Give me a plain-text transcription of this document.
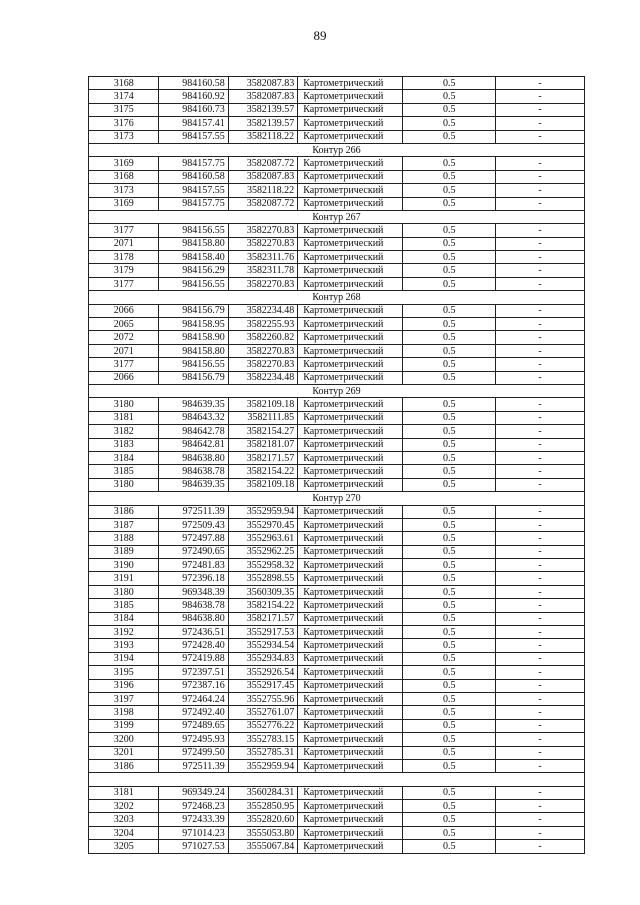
89
3168	984160.58	3582087.83	Картометрический	0.5	-
3174	984160.92	3582087.83	Картометрический	0.5	-
3175	984160.73	3582139.57	Картометрический	0.5	-
3176	984157.41	3582139.57	Картометрический	0.5	-
3173	984157.55	3582118.22	Картометрический	0.5	-
Контур 266					
3169	984157.75	3582087.72	Картометрический	0.5	-
3168	984160.58	3582087.83	Картометрический	0.5	-
3173	984157.55	3582118.22	Картометрический	0.5	-
3169	984157.75	3582087.72	Картометрический	0.5	-
Контур 267					
3177	984156.55	3582270.83	Картометрический	0.5	-
2071	984158.80	3582270.83	Картометрический	0.5	-
3178	984158.40	3582311.76	Картометрический	0.5	-
3179	984156.29	3582311.78	Картометрический	0.5	-
3177	984156.55	3582270.83	Картометрический	0.5	-
Контур 268					
2066	984156.79	3582234.48	Картометрический	0.5	-
2065	984158.95	3582255.93	Картометрический	0.5	-
2072	984158.90	3582260.82	Картометрический	0.5	-
2071	984158.80	3582270.83	Картометрический	0.5	-
3177	984156.55	3582270.83	Картометрический	0.5	-
2066	984156.79	3582234.48	Картометрический	0.5	-
Контур 269					
3180	984639.35	3582109.18	Картометрический	0.5	-
3181	984643.32	3582111.85	Картометрический	0.5	-
3182	984642.78	3582154.27	Картометрический	0.5	-
3183	984642.81	3582181.07	Картометрический	0.5	-
3184	984638.80	3582171.57	Картометрический	0.5	-
3185	984638.78	3582154.22	Картометрический	0.5	-
3180	984639.35	3582109.18	Картометрический	0.5	-
Контур 270					
3186	972511.39	3552959.94	Картометрический	0.5	-
3187	972509.43	3552970.45	Картометрический	0.5	-
3188	972497.88	3552963.61	Картометрический	0.5	-
3189	972490.65	3552962.25	Картометрический	0.5	-
3190	972481.83	3552958.32	Картометрический	0.5	-
3191	972396.18	3552898.55	Картометрический	0.5	-
3180	969348.39	3560309.35	Картометрический	0.5	-
3185	984638.78	3582154.22	Картометрический	0.5	-
3184	984638.80	3582171.57	Картометрический	0.5	-
3192	972436.51	3552917.53	Картометрический	0.5	-
3193	972428.40	3552934.54	Картометрический	0.5	-
3194	972419.88	3552934.83	Картометрический	0.5	-
3195	972397.51	3552926.54	Картометрический	0.5	-
3196	972387.16	3552917.45	Картометрический	0.5	-
3197	972464.24	3552755.96	Картометрический	0.5	-
3198	972492.40	3552761.07	Картометрический	0.5	-
3199	972489.65	3552776.22	Картометрический	0.5	-
3200	972495.93	3552783.15	Картометрический	0.5	-
3201	972499.50	3552785.31	Картометрический	0.5	-
3186	972511.39	3552959.94	Картометрический	0.5	-

3181	969349.24	3560284.31	Картометрический	0.5	-
3202	972468.23	3552850.95	Картометрический	0.5	-
3203	972433.39	3552820.60	Картометрический	0.5	-
3204	971014.23	3555053.80	Картометрический	0.5	-
3205	971027.53	3555067.84	Картометрический	0.5	-
